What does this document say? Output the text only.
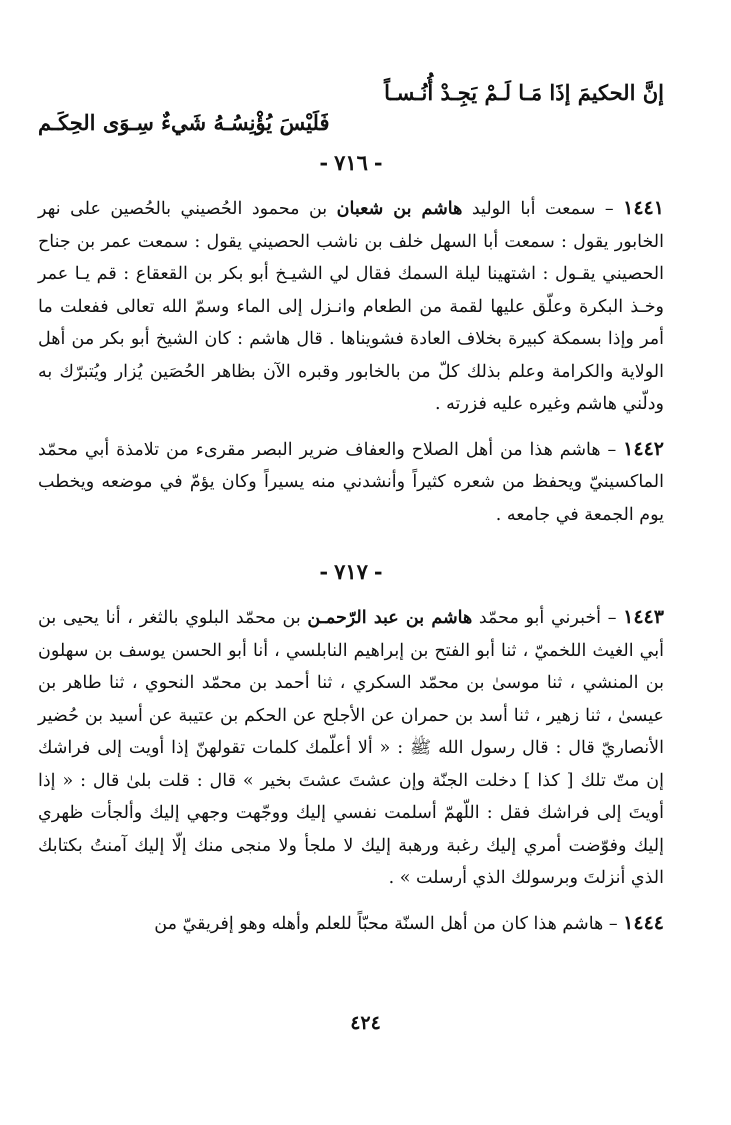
إنَّ الحكيمَ إذَا مَـا لَـمْ يَجِـدْ أُنُـسـاً
فَلَيْسَ يُؤْنِسُـهُ شَيءٌ سِـوَى الحِكَـم
-٧١٦-

١٤٤١ – سمعت أبا الوليد هاشم بن شعبان بن محمود الحُصيني بالحُصين على نهر الخابور يقول : سمعت أبا السهل خلف بن ناشب الحصيني يقول : سمعت عمر بن جناح الحصيني يقـول : اشتهينا ليلة السمك فقال لي الشيـخ أبو بكر بن القعقاع : قم يـا عمر وخـذ البكرة وعلّق عليها لقمة من الطعام وانـزل إلى الماء وسمّ الله تعالى ففعلت ما أمر وإذا بسمكة كبيرة بخلاف العادة فشويناها . قال هاشم : كان الشيخ أبو بكر من أهل الولاية والكرامة وعلم بذلك كلّ من بالخابور وقبره الآن بظاهر الحُصَين يُزار ويُتبرّك به ودلّني هاشم وغيره عليه فزرته .

١٤٤٢ – هاشم هذا من أهل الصلاح والعفاف ضرير البصر مقرىء من تلامذة أبي محمّد الماكسينيّ ويحفظ من شعره كثيراً وأنشدني منه يسيراً وكان يؤمّ في موضعه ويخطب يوم الجمعة في جامعه .

-٧١٧-

١٤٤٣ – أخبرني أبو محمّد هاشم بن عبد الرّحمـن بن محمّد البلوي بالثغر ، أنا يحيى بن أبي الغيث اللخميّ ، ثنا أبو الفتح بن إبراهيم النابلسي ، أنا أبو الحسن يوسف بن سهلون بن المنشي ، ثنا موسىٰ بن محمّد السكري ، ثنا أحمد بن محمّد النحوي ، ثنا طاهر بن عيسىٰ ، ثنا زهير ، ثنا أسد بن حمران عن الأجلح عن الحكم بن عتيبة عن أسيد بن حُضير الأنصاريّ قال : قال رسول الله ﷺ : « ألا أعلّمك كلمات تقولهنّ إذا أويت إلى فراشك إن متّ تلك [ كذا ] دخلت الجنّة وإن عشتَ عشتَ بخير » قال : قلت بلىٰ قال : « إذا أويتَ إلى فراشك فقل : اللّهمّ أسلمت نفسي إليك ووجّهت وجهي إليك وألجأت ظهري إليك وفوّضت أمري إليك رغبة ورهبة إليك لا ملجأ ولا منجى منك إلّا إليك آمنتُ بكتابك الذي أنزلتَ وبرسولك الذي أرسلت » .

١٤٤٤ – هاشم هذا كان من أهل السنّة محبّاً للعلم وأهله وهو إفريقيّ من

٤٢٤
